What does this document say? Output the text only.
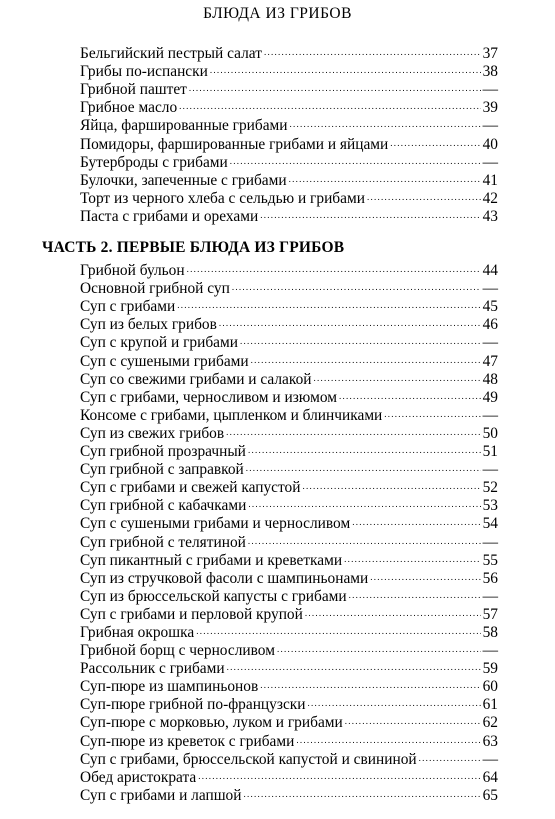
БЛЮДА ИЗ ГРИБОВ
Бельгийский пестрый салат . . .	37
Грибы по-испански . . .	38
Грибной паштет . . .	—
Грибное масло . . .	39
Яйца, фаршированные грибами . . .	—
Помидоры, фаршированные грибами и яйцами . . .	40
Бутерброды с грибами . . .	—
Булочки, запеченные с грибами . . .	41
Торт из черного хлеба с сельдью и грибами . . .	42
Паста с грибами и орехами . . .	43
ЧАСТЬ 2. ПЕРВЫЕ БЛЮДА ИЗ ГРИБОВ
Грибной бульон . . .	44
Основной грибной суп . . .	—
Суп с грибами . . .	45
Суп из белых грибов . . .	46
Суп с крупой и грибами . . .	—
Суп с сушеными грибами . . .	47
Суп со свежими грибами и салакой . . .	48
Суп с грибами, черносливом и изюмом . . .	49
Консоме с грибами, цыпленком и блинчиками . . .	—
Суп из свежих грибов . . .	50
Суп грибной прозрачный . . .	51
Суп грибной с заправкой . . .	—
Суп с грибами и свежей капустой . . .	52
Суп грибной с кабачками . . .	53
Суп с сушеными грибами и черносливом . . .	54
Суп грибной с телятиной . . .	—
Суп пикантный с грибами и креветками . . .	55
Суп из стручковой фасоли с шампиньонами . . .	56
Суп из брюссельской капусты с грибами . . .	—
Суп с грибами и перловой крупой . . .	57
Грибная окрошка . . .	58
Грибной борщ с черносливом . . .	—
Рассольник с грибами . . .	59
Суп-пюре из шампиньонов . . .	60
Суп-пюре грибной по-французски . . .	61
Суп-пюре с морковью, луком и грибами . . .	62
Суп-пюре из креветок с грибами . . .	63
Суп с грибами, брюссельской капустой и свининой . . .	—
Обед аристократа . . .	64
Суп с грибами и лапшой . . .	65
